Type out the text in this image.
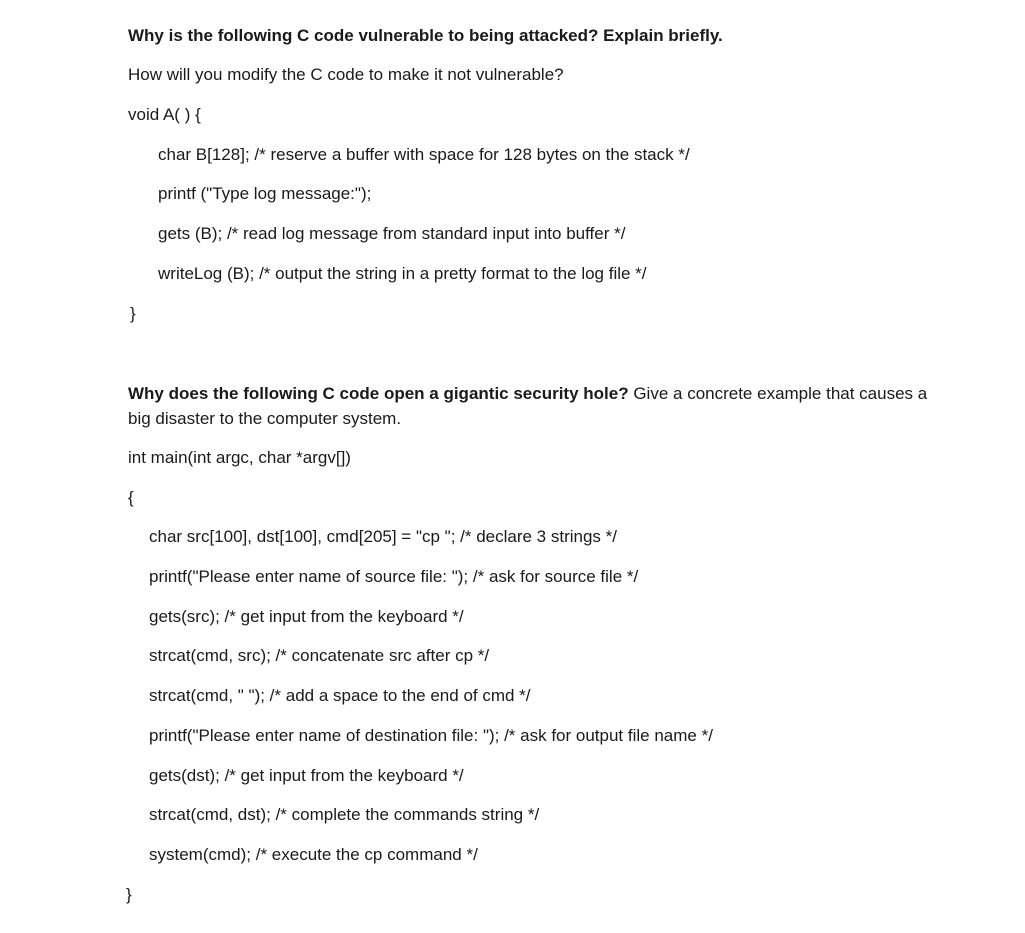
Why is the following C code vulnerable to being attacked? Explain briefly.
How will you modify the C code to make it not vulnerable?
void A( ) {
char B[128]; /* reserve a buffer with space for 128 bytes on the stack */
printf ("Type log message:");
gets (B); /* read log message from standard input into buffer */
writeLog (B); /* output the string in a pretty format to the log file */
}
Why does the following C code open a gigantic security hole? Give a concrete example that causes a big disaster to the computer system.
int main(int argc, char *argv[])
{
char src[100], dst[100], cmd[205] = "cp "; /* declare 3 strings */
printf("Please enter name of source file: "); /* ask for source file */
gets(src); /* get input from the keyboard */
strcat(cmd, src); /* concatenate src after cp */
strcat(cmd, " "); /* add a space to the end of cmd */
printf("Please enter name of destination file: "); /* ask for output file name */
gets(dst); /* get input from the keyboard */
strcat(cmd, dst); /* complete the commands string */
system(cmd); /* execute the cp command */
}
